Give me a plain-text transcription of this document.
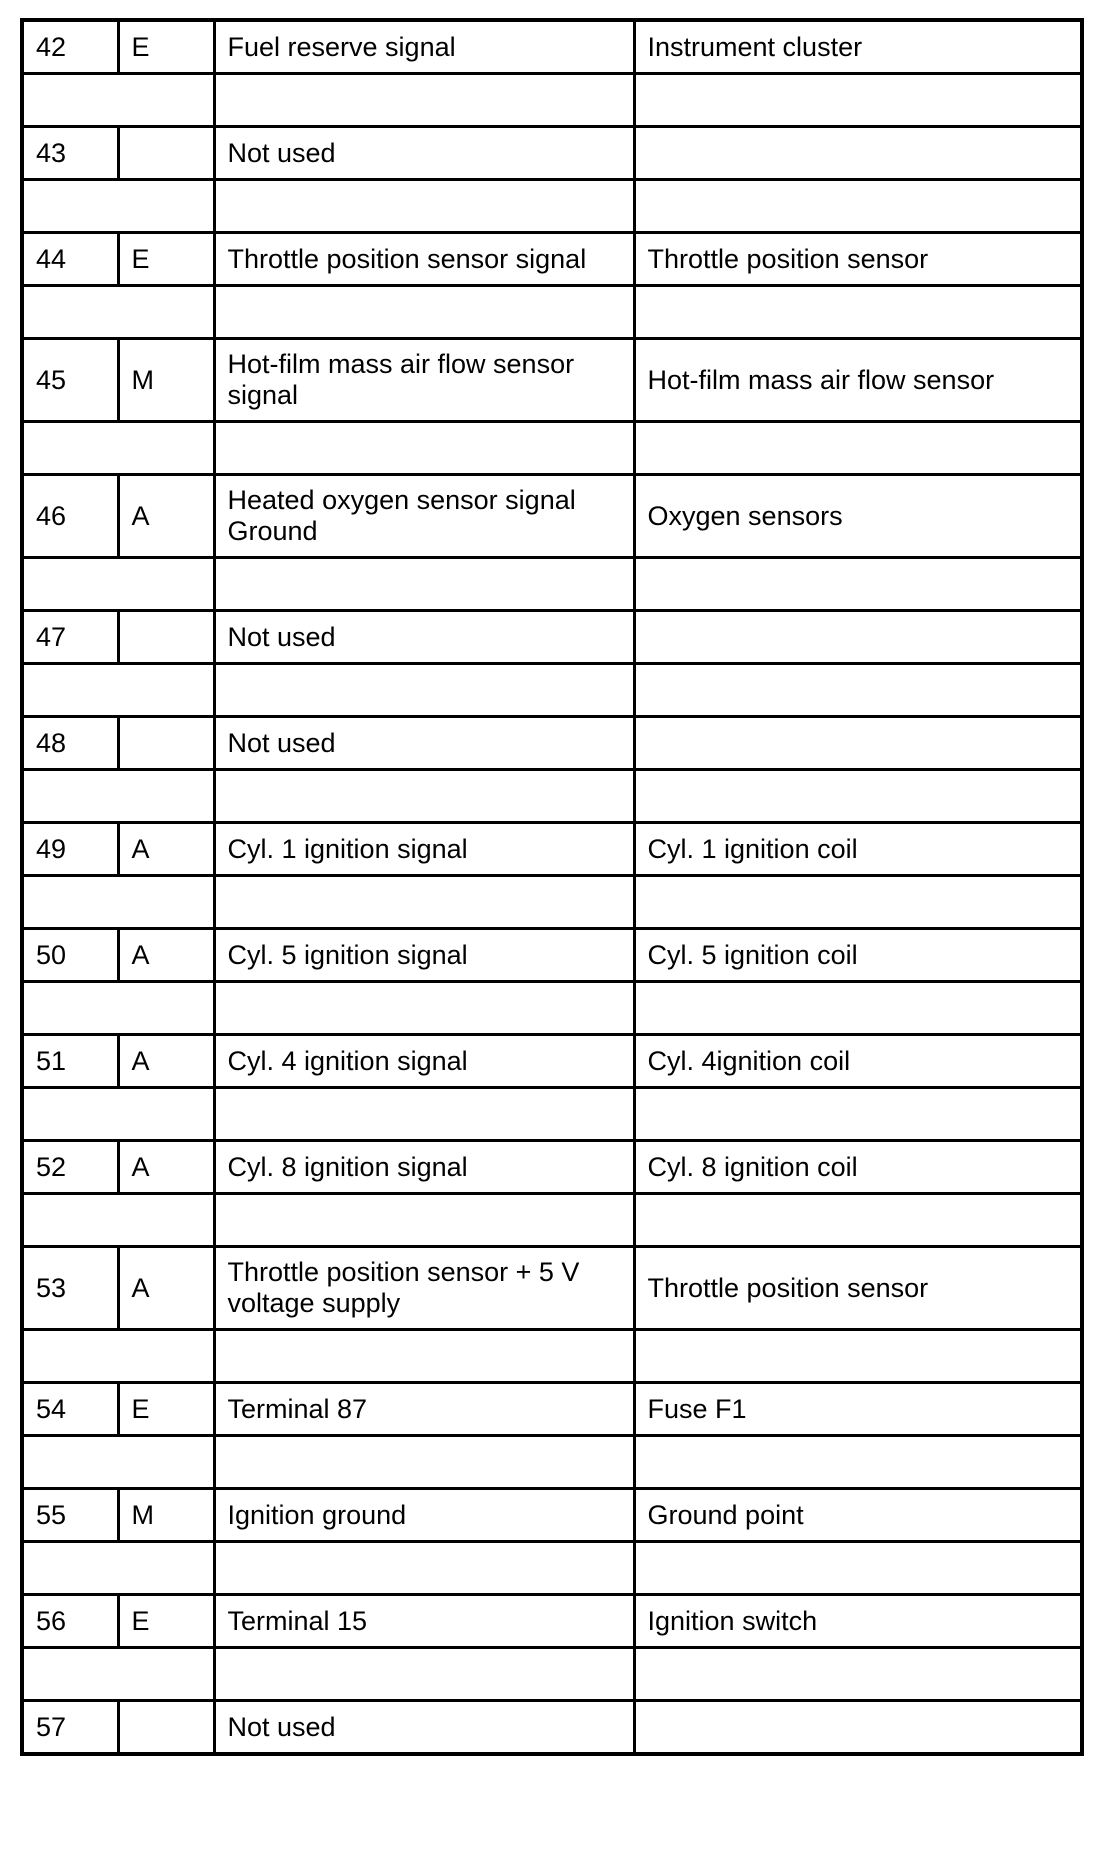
42	E	Fuel reserve signal	Instrument cluster

43		Not used	

44	E	Throttle position sensor signal	Throttle position sensor

45	M	Hot-film mass air flow sensor signal	Hot-film mass air flow sensor

46	A	Heated oxygen sensor signal Ground	Oxygen sensors

47		Not used	

48		Not used	

49	A	Cyl. 1 ignition signal	Cyl. 1 ignition coil

50	A	Cyl. 5 ignition signal	Cyl. 5 ignition coil

51	A	Cyl. 4 ignition signal	Cyl. 4ignition coil

52	A	Cyl. 8 ignition signal	Cyl. 8 ignition coil

53	A	Throttle position sensor + 5 V voltage supply	Throttle position sensor

54	E	Terminal 87	Fuse F1

55	M	Ignition ground	Ground point

56	E	Terminal 15	Ignition switch

57		Not used	
